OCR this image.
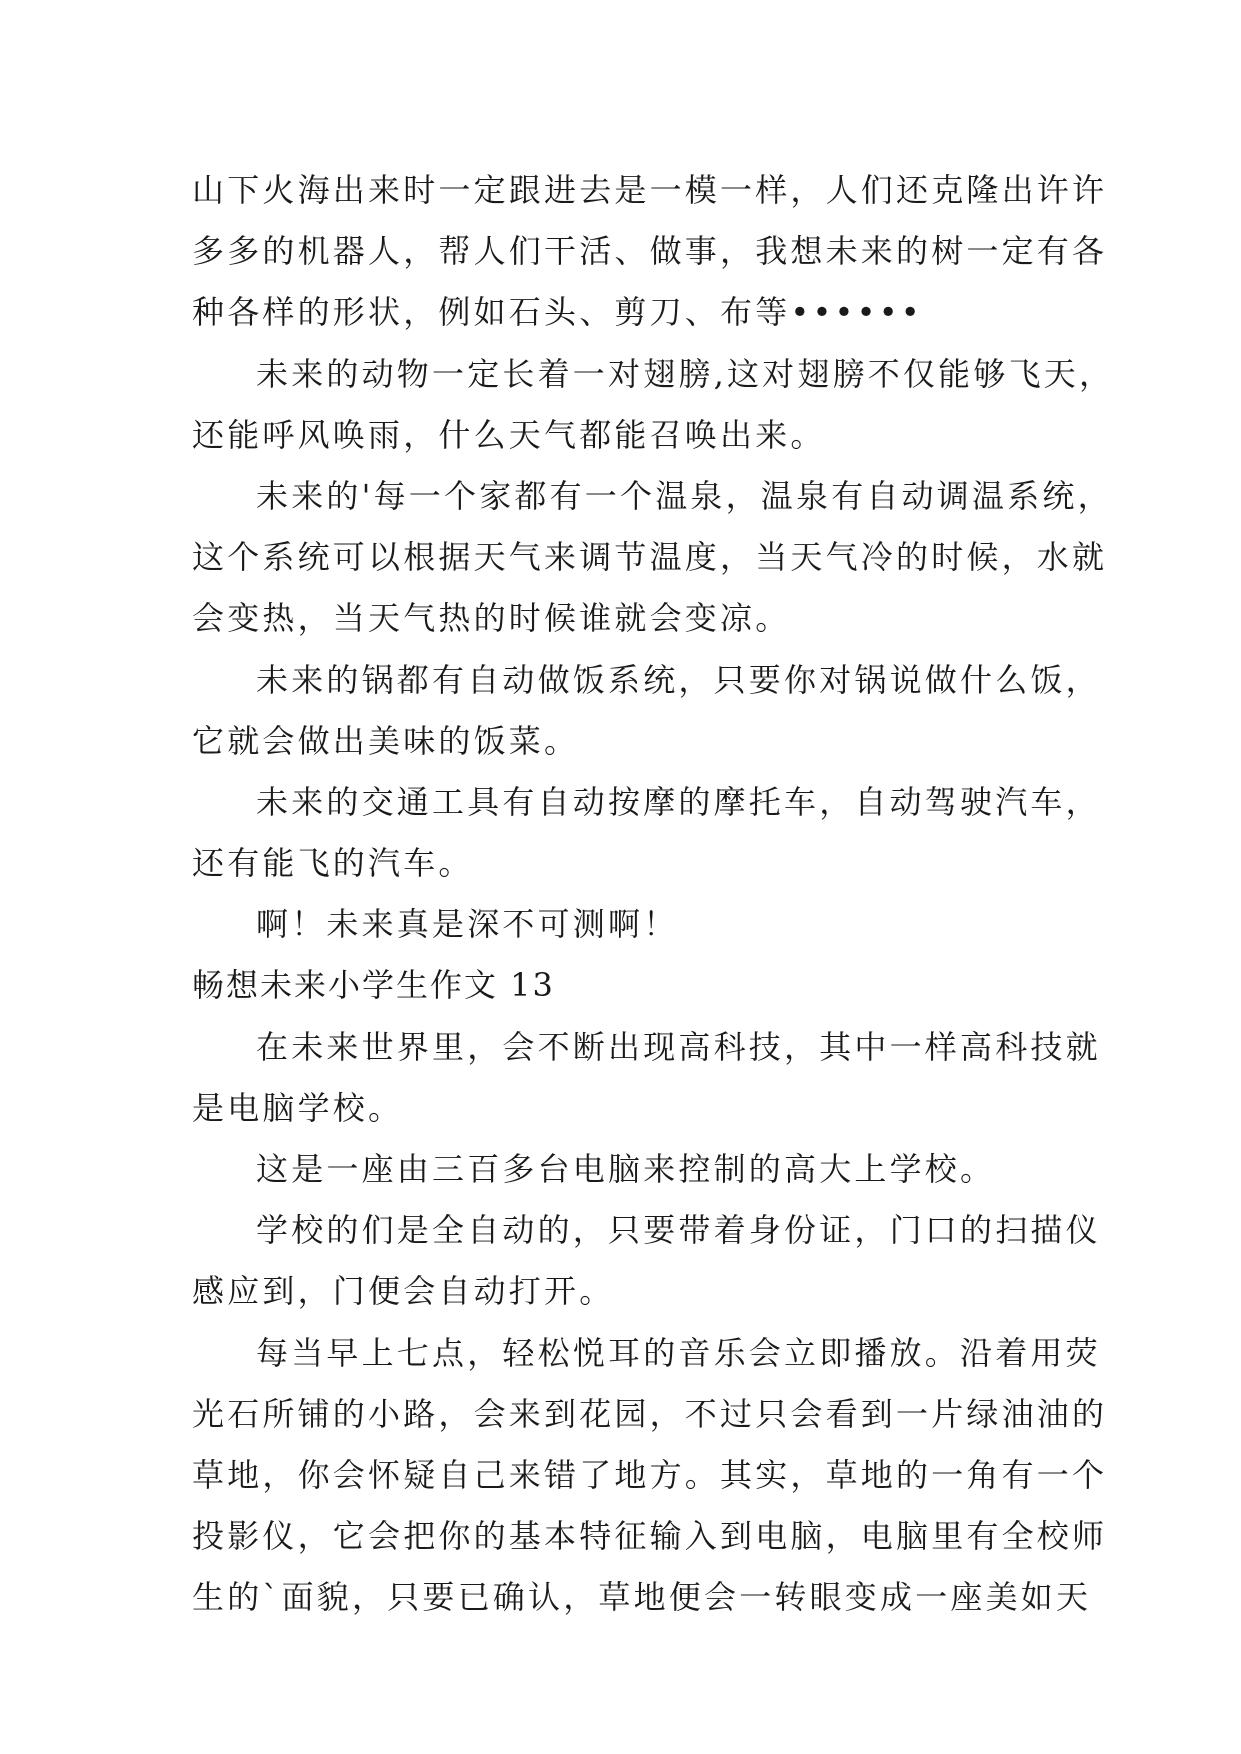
山下火海出来时一定跟进去是一模一样，人们还克隆出许许
多多的机器人，帮人们干活、做事，我想未来的树一定有各
种各样的形状，例如石头、剪刀、布等••••••
未来的动物一定长着一对翅膀,这对翅膀不仅能够飞天，
还能呼风唤雨，什么天气都能召唤出来。
未来的'每一个家都有一个温泉，温泉有自动调温系统，
这个系统可以根据天气来调节温度，当天气冷的时候，水就
会变热，当天气热的时候谁就会变凉。
未来的锅都有自动做饭系统，只要你对锅说做什么饭，
它就会做出美味的饭菜。
未来的交通工具有自动按摩的摩托车，自动驾驶汽车，
还有能飞的汽车。
啊！未来真是深不可测啊！
畅想未来小学生作文 13
在未来世界里，会不断出现高科技，其中一样高科技就
是电脑学校。
这是一座由三百多台电脑来控制的高大上学校。
学校的们是全自动的，只要带着身份证，门口的扫描仪
感应到，门便会自动打开。
每当早上七点，轻松悦耳的音乐会立即播放。沿着用荧
光石所铺的小路，会来到花园，不过只会看到一片绿油油的
草地，你会怀疑自己来错了地方。其实，草地的一角有一个
投影仪，它会把你的基本特征输入到电脑，电脑里有全校师
生的`面貌，只要已确认，草地便会一转眼变成一座美如天
